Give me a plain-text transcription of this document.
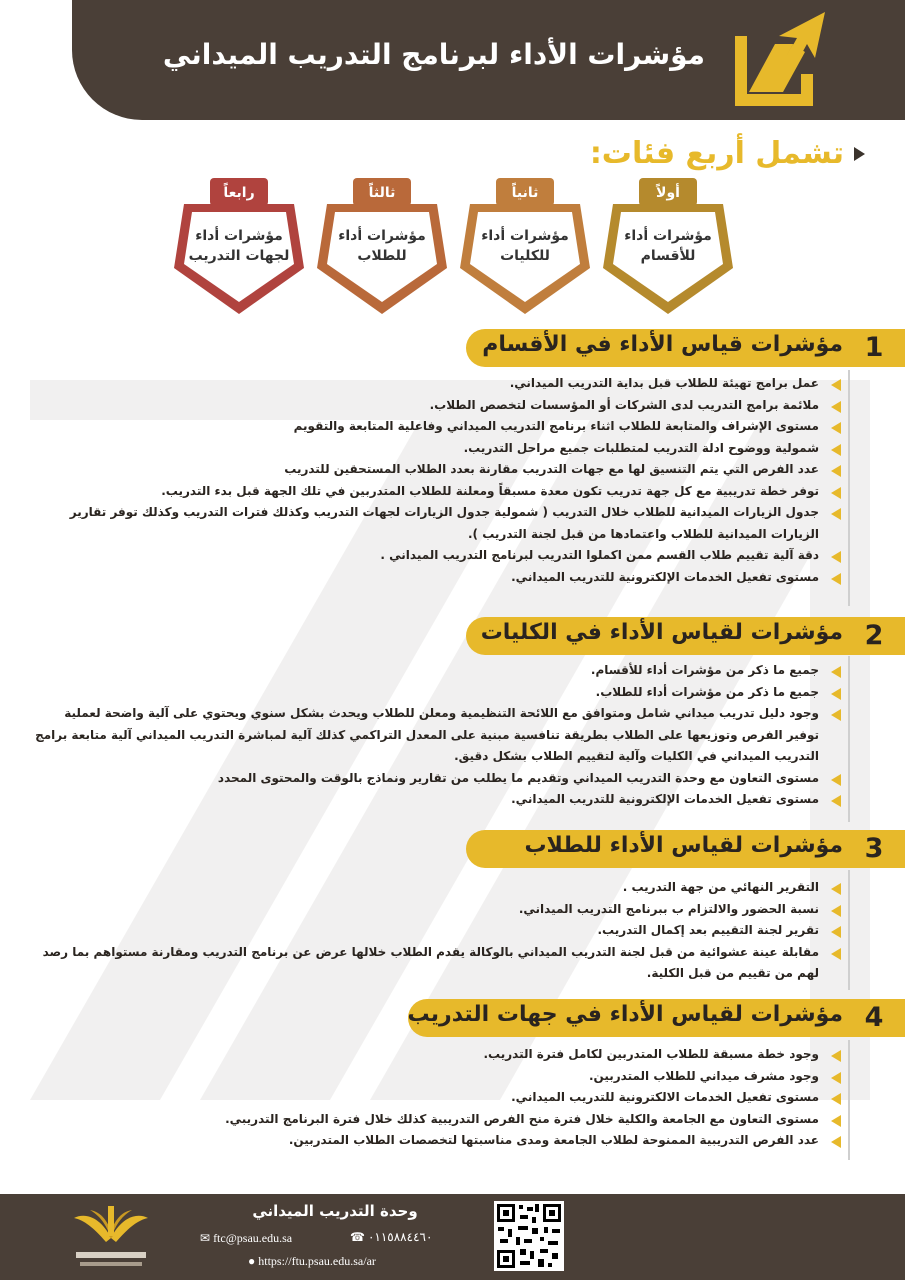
مؤشرات الأداء لبرنامج التدريب الميداني
تشمل أربع فئات:
أولاً
مؤشرات أداء
للأقسام
ثانياً
مؤشرات أداء
للكليات
ثالثاً
مؤشرات أداء
للطلاب
رابعاً
مؤشرات أداء
لجهات التدريب
مؤشرات قياس الأداء في الأقسام 1
عمل برامج تهيئة للطلاب قبل بداية التدريب الميداني.
ملائمة برامج التدريب لدى الشركات أو المؤسسات لتخصص الطلاب.
مستوى الإشراف والمتابعة للطلاب اثناء برنامج التدريب الميداني وفاعلية المتابعة والتقويم
شمولية ووضوح ادلة التدريب لمتطلبات جميع مراحل التدريب.
عدد الفرص التي يتم التنسيق لها مع جهات التدريب مقارنة بعدد الطلاب المستحقين للتدريب
توفر خطة تدريبية مع كل جهة تدريب تكون معدة مسبقاً ومعلنة للطلاب المتدربين في تلك الجهة قبل بدء التدريب.
جدول الزيارات الميدانية للطلاب خلال التدريب ( شمولية جدول الزيارات لجهات التدريب وكذلك فترات التدريب وكذلك توفر تقارير الزيارات الميدانية للطلاب واعتمادها من قبل لجنة التدريب ).
دقة آلية تقييم طلاب القسم ممن اكملوا التدريب لبرنامج التدريب الميداني .
مستوى تفعيل الخدمات الإلكترونية للتدريب الميداني.
مؤشرات لقياس الأداء في الكليات 2
جميع ما ذكر من مؤشرات أداء للأقسام.
جميع ما ذكر من مؤشرات أداء للطلاب.
وجود دليل تدريب ميداني شامل ومتوافق مع اللائحة التنظيمية ومعلن للطلاب ويحدث بشكل سنوي ويحتوي على آلية واضحة لعملية توفير الفرص وتوزيعها على الطلاب بطريقة تنافسية مبنية على المعدل التراكمي كذلك آلية لمباشرة التدريب الميداني آلية متابعة برامج التدريب الميداني في الكليات وآلية لتقييم الطلاب بشكل دقيق.
مستوى التعاون مع وحدة التدريب الميداني وتقديم ما يطلب من تقارير ونماذج بالوقت والمحتوى المحدد
مستوى تفعيل الخدمات الإلكترونية للتدريب الميداني.
مؤشرات لقياس الأداء للطلاب 3
التقرير النهائي من جهة التدريب .
نسبة الحضور والالتزام ب ببرنامج التدريب الميداني.
تقرير لجنة التقييم بعد إكمال التدريب.
مقابلة عينة عشوائية من قبل لجنة التدريب الميداني بالوكالة يقدم الطلاب خلالها عرض عن برنامج التدريب ومقارنة مستواهم بما رصد لهم من تقييم من قبل الكلية.
مؤشرات لقياس الأداء في جهات التدريب 4
وجود خطة مسبقة للطلاب المتدربين لكامل فترة التدريب.
وجود مشرف ميداني للطلاب المتدربين.
مستوى تفعيل الخدمات الالكترونية للتدريب الميداني.
مستوى التعاون مع الجامعة والكلية خلال فترة منح الفرص التدريبية كذلك خلال فترة البرنامج التدريبي.
عدد الفرص التدريبية الممنوحة لطلاب الجامعة ومدى مناسبتها لتخصصات الطلاب المتدربين.
وحدة التدريب الميداني
✉ ftc@psau.edu.sa	☎ ٠١١٥٨٨٤٤٦٠
● https://ftu.psau.edu.sa/ar
